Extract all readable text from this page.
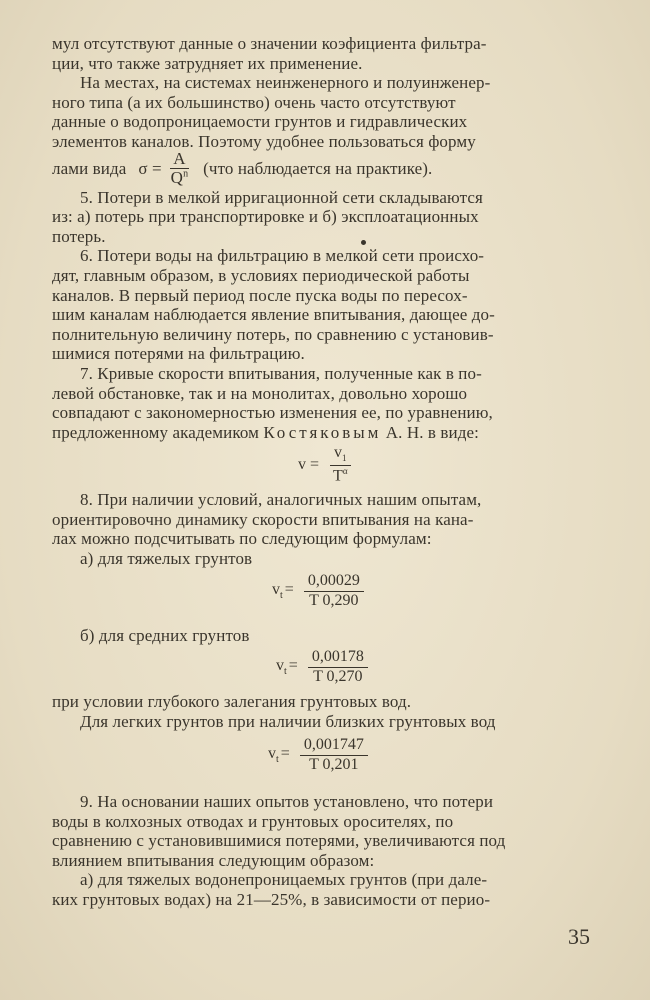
мул отсутствуют данные о значении коэфициента фильтра-
ции, что также затрудняет их применение.
На местах, на системах неинженерного и полуинженер-
ного типа (а их большинство) очень часто отсутствуют
данные о водопроницаемости грунтов и гидравлических
элементов каналов. Поэтому удобнее пользоваться форму
лами вида $\sigma = \frac{A}{Q^n} (что$ наблюдается на практике).
5. Потери в мелкой ирригационной сети складываются
из: а) потерь при транспортировке и б) эксплоатационных
потерь.
6. Потери воды на фильтрацию в мелкой сети происхо-
дят, главным образом, в условиях периодической работы
каналов. В первый период после пуска воды по пересох-
шим каналам наблюдается явление впитывания, дающее до-
полнительную величину потерь, по сравнению с установив-
шимися потерями на фильтрацию.
7. Кривые скорости впитывания, полученные как в по-
левой обстановке, так и на монолитах, довольно хорошо
совпадают с закономерностью изменения ее, по уравнению,
предложенному академиком Костяковым А. Н. в виде:
$v = \frac{v_1}{T^\alpha}$
8. При наличии условий, аналогичных нашим опытам,
ориентировочно динамику скорости впитывания на кана-
лах можно подсчитывать по следующим формулам:
а) для тяжелых грунтов
$v_t = \frac{0,00029}{T 0,290}$
б) для средних грунтов
$v_t = \frac{0,00178}{T 0,270}$
при условии глубокого залегания грунтовых вод.
Для легких грунтов при наличии близких грунтовых вод
$v_t = \frac{0,001747}{T 0,201}$
9. На основании наших опытов установлено, что потери
воды в колхозных отводах и грунтовых оросителях, по
сравнению с установившимися потерями, увеличиваются под
влиянием впитывания следующим образом:
а) для тяжелых водонепроницаемых грунтов (при дале-
ких грунтовых водах) на 21—25%, в зависимости от перио-
35
